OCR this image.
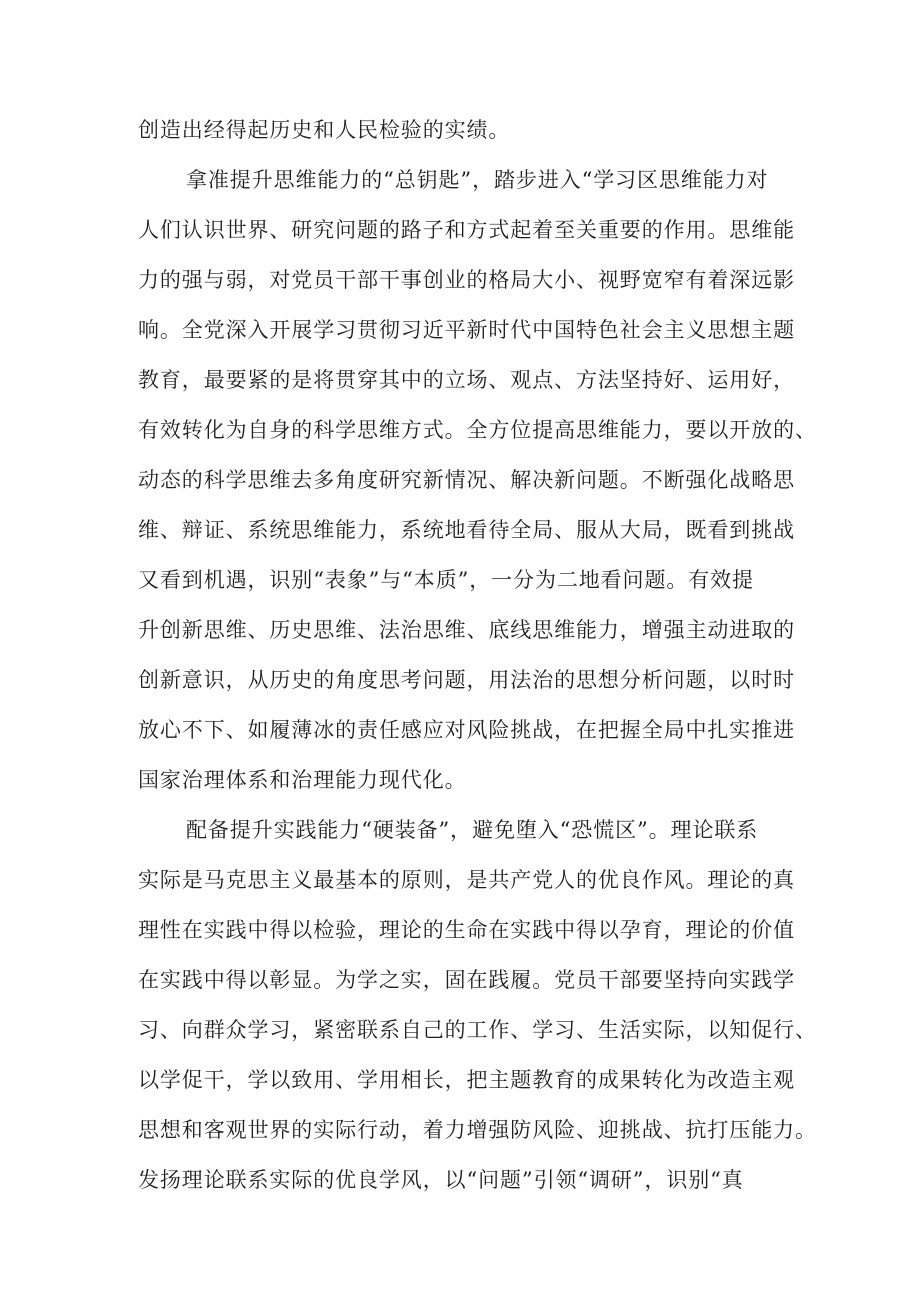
创造出经得起历史和人民检验的实绩。
拿准提升思维能力的“总钥匙”，踏步进入“学习区思维能力对
人们认识世界、研究问题的路子和方式起着至关重要的作用。思维能
力的强与弱，对党员干部干事创业的格局大小、视野宽窄有着深远影
响。全党深入开展学习贯彻习近平新时代中国特色社会主义思想主题
教育，最要紧的是将贯穿其中的立场、观点、方法坚持好、运用好，
有效转化为自身的科学思维方式。全方位提高思维能力，要以开放的、
动态的科学思维去多角度研究新情况、解决新问题。不断强化战略思
维、辩证、系统思维能力，系统地看待全局、服从大局，既看到挑战
又看到机遇，识别“表象”与“本质”，一分为二地看问题。有效提
升创新思维、历史思维、法治思维、底线思维能力，增强主动进取的
创新意识，从历史的角度思考问题，用法治的思想分析问题，以时时
放心不下、如履薄冰的责任感应对风险挑战，在把握全局中扎实推进
国家治理体系和治理能力现代化。
配备提升实践能力“硬装备”，避免堕入“恐慌区”。理论联系
实际是马克思主义最基本的原则，是共产党人的优良作风。理论的真
理性在实践中得以检验，理论的生命在实践中得以孕育，理论的价值
在实践中得以彰显。为学之实，固在践履。党员干部要坚持向实践学
习、向群众学习，紧密联系自己的工作、学习、生活实际，以知促行、
以学促干，学以致用、学用相长，把主题教育的成果转化为改造主观
思想和客观世界的实际行动，着力增强防风险、迎挑战、抗打压能力。
发扬理论联系实际的优良学风，以“问题”引领“调研”，识别“真
